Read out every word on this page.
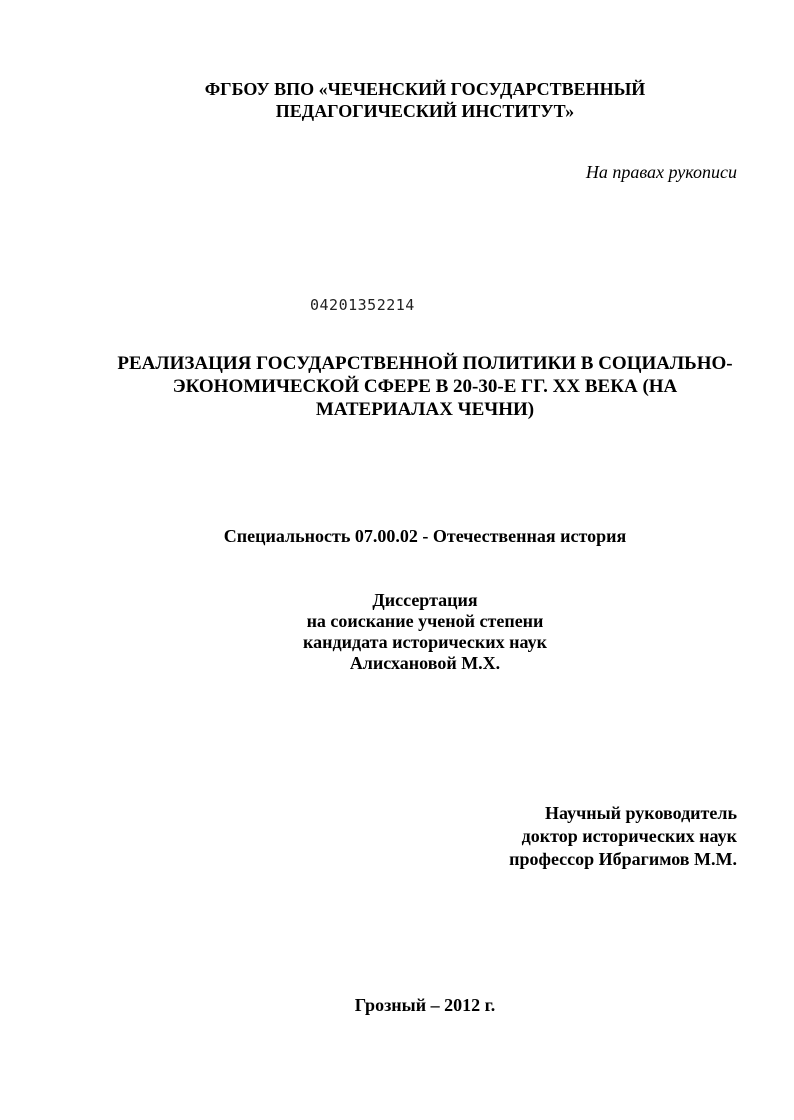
ФГБОУ ВПО «ЧЕЧЕНСКИЙ ГОСУДАРСТВЕННЫЙ
ПЕДАГОГИЧЕСКИЙ ИНСТИТУТ»
На правах рукописи
04201352214
РЕАЛИЗАЦИЯ ГОСУДАРСТВЕННОЙ ПОЛИТИКИ В СОЦИАЛЬНО-
ЭКОНОМИЧЕСКОЙ СФЕРЕ В 20-30-Е ГГ. ХХ ВЕКА (НА
МАТЕРИАЛАХ ЧЕЧНИ)
Специальность 07.00.02 - Отечественная история
Диссертация
на соискание ученой степени
кандидата исторических наук
Алисхановой М.Х.
Научный руководитель
доктор исторических наук
профессор Ибрагимов М.М.
Грозный – 2012 г.
